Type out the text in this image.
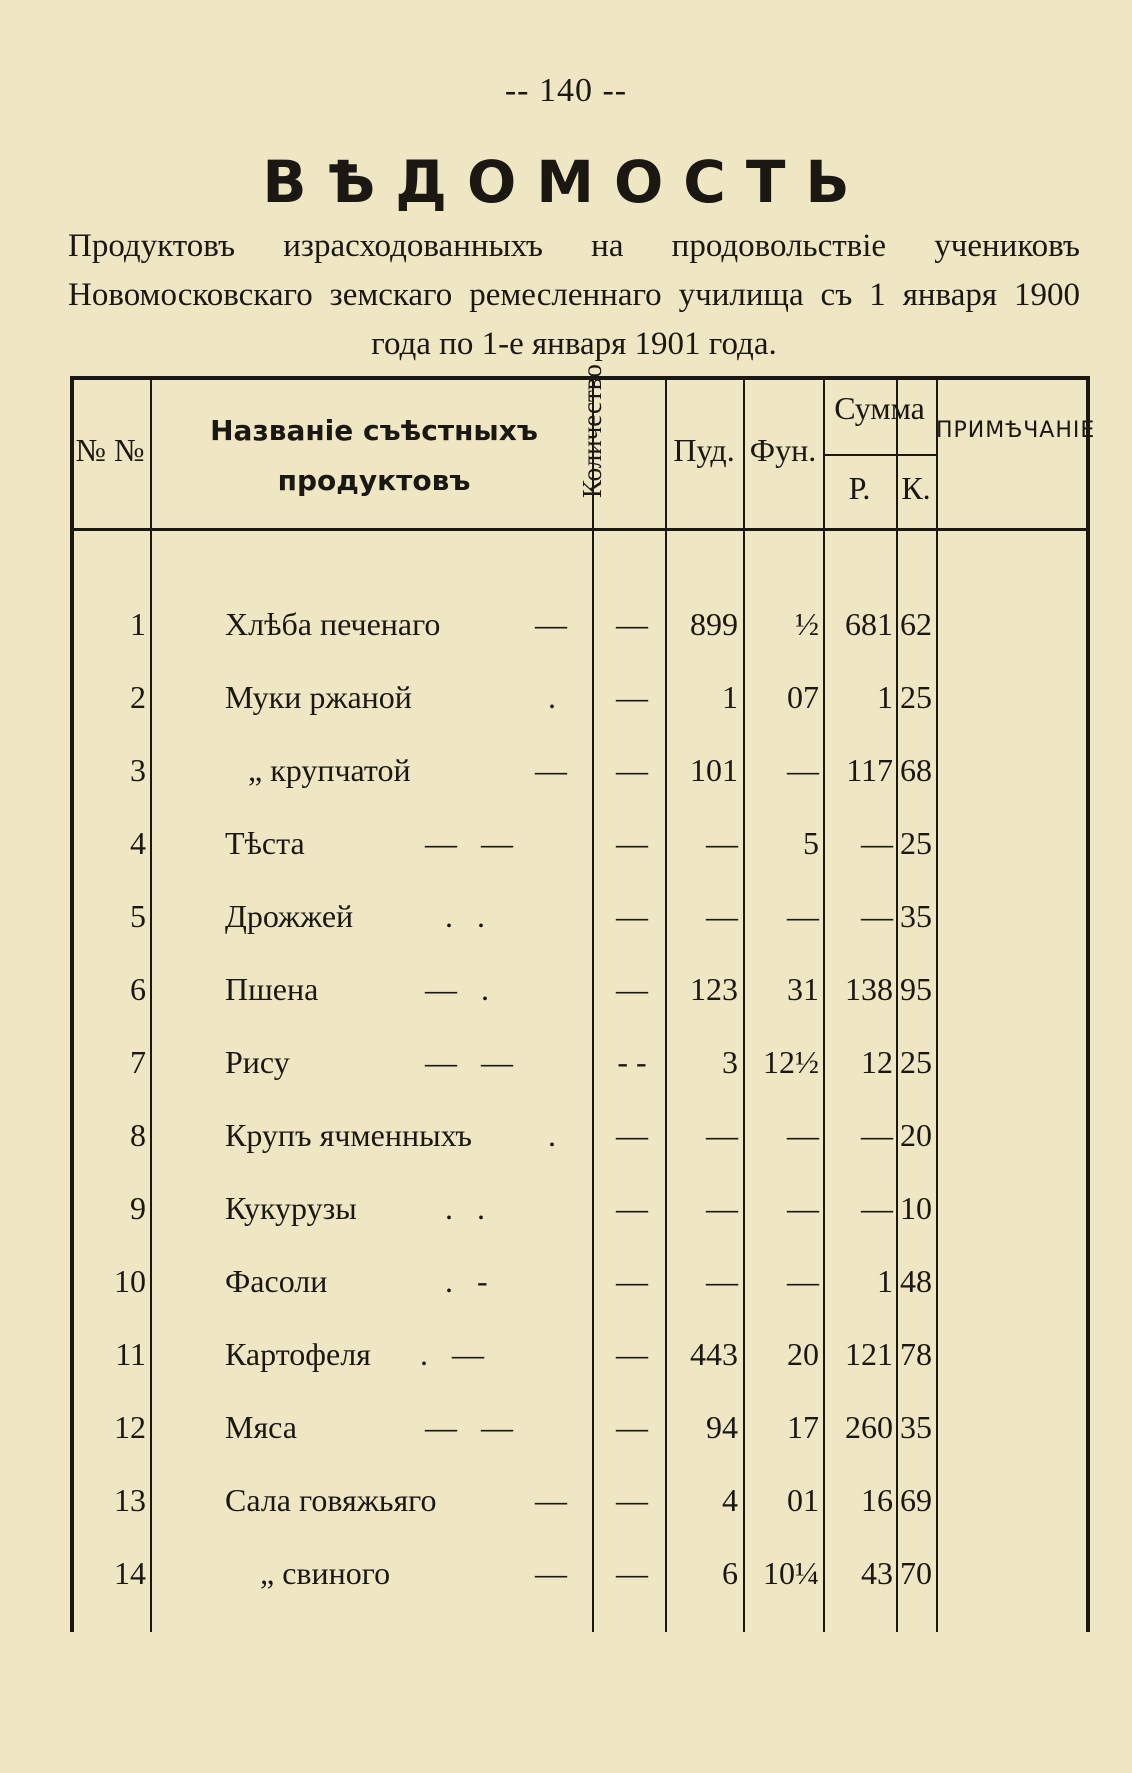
-- 140 --
ВѢДОМОСТЬ
Продуктовъ израсходованныхъ на продовольствіе учениковъ Новомосковскаго земскаго ремесленнаго училища съ 1 января 1900 года по 1-е января 1901 года.
№ №
Названіе съѣстныхъ продуктовъ	Количество Пуд. Фун.
Сумма
Р. К.
ПРИМѢЧАНІЕ
1 Хлѣба печенаго	—	—	899	½ 681 62
2 Муки ржаной	.	—	1	07	1 25
3	„ крупчатой	—	—	101	— 117 68
4 Тѣста	—   —	—	—	5	— 25
5 Дрожжей	.   .	—	—	—	— 35
6 Пшена	—   .	—	123	31 138 95
7 Рису	—   —	- -	3 12½	12 25
8 Крупъ ячменныхъ	.	—	—	—	— 20
9 Кукурузы	.   .	—	—	—	— 10
10 Фасоли	.   -	—	—	—	1 48
11 Картофеля	.   —	—	443	20 121 78
12 Мяса	—   —	—	94	17 260 35
13 Сала говяжьяго	—	—	4	01	16 69
14	„ свиного	—	—	6 10¼	43 70
